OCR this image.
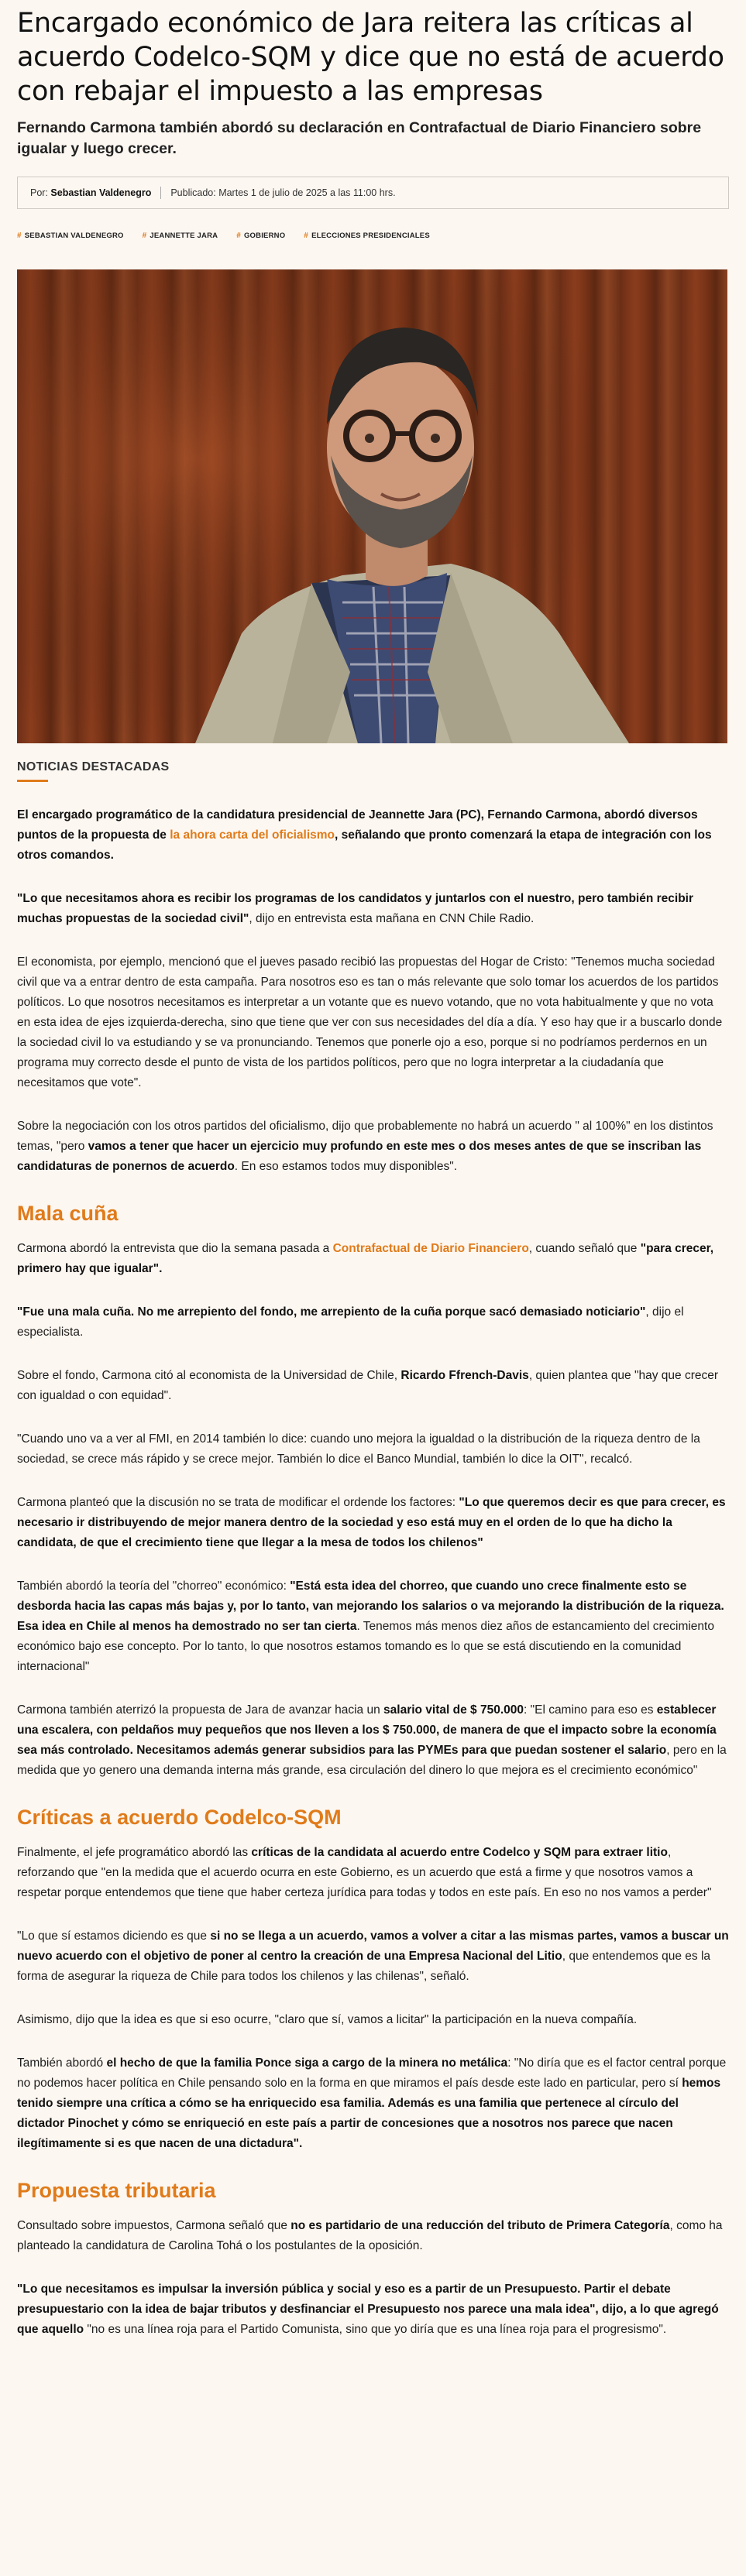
Encargado económico de Jara reitera las críticas al acuerdo Codelco-SQM y dice que no está de acuerdo con rebajar el impuesto a las empresas
Fernando Carmona también abordó su declaración en Contrafactual de Diario Financiero sobre igualar y luego crecer.
Por: Sebastian Valdenegro Publicado: Martes 1 de julio de 2025 a las 11:00 hrs.
# SEBASTIAN VALDENEGRO # JEANNETTE JARA # GOBIERNO # ELECCIONES PRESIDENCIALES
NOTICIAS DESTACADAS

El encargado programático de la candidatura presidencial de Jeannette Jara (PC), Fernando Carmona, abordó diversos puntos de la propuesta de la ahora carta del oficialismo, señalando que pronto comenzará la etapa de integración con los otros comandos.

"Lo que necesitamos ahora es recibir los programas de los candidatos y juntarlos con el nuestro, pero también recibir muchas propuestas de la sociedad civil", dijo en entrevista esta mañana en CNN Chile Radio.

El economista, por ejemplo, mencionó que el jueves pasado recibió las propuestas del Hogar de Cristo: "Tenemos mucha sociedad civil que va a entrar dentro de esta campaña. Para nosotros eso es tan o más relevante que solo tomar los acuerdos de los partidos políticos. Lo que nosotros necesitamos es interpretar a un votante que es nuevo votando, que no vota habitualmente y que no vota en esta idea de ejes izquierda-derecha, sino que tiene que ver con sus necesidades del día a día. Y eso hay que ir a buscarlo donde la sociedad civil lo va estudiando y se va pronunciando. Tenemos que ponerle ojo a eso, porque si no podríamos perdernos en un programa muy correcto desde el punto de vista de los partidos políticos, pero que no logra interpretar a la ciudadanía que necesitamos que vote".

Sobre la negociación con los otros partidos del oficialismo, dijo que probablemente no habrá un acuerdo " al 100%" en los distintos temas, "pero vamos a tener que hacer un ejercicio muy profundo en este mes o dos meses antes de que se inscriban las candidaturas de ponernos de acuerdo. En eso estamos todos muy disponibles".

Mala cuña

Carmona abordó la entrevista que dio la semana pasada a Contrafactual de Diario Financiero, cuando señaló que "para crecer, primero hay que igualar".

"Fue una mala cuña. No me arrepiento del fondo, me arrepiento de la cuña porque sacó demasiado noticiario", dijo el especialista.

Sobre el fondo, Carmona citó al economista de la Universidad de Chile, Ricardo Ffrench-Davis, quien plantea que "hay que crecer con igualdad o con equidad".

"Cuando uno va a ver al FMI, en 2014 también lo dice: cuando uno mejora la igualdad o la distribución de la riqueza dentro de la sociedad, se crece más rápido y se crece mejor. También lo dice el Banco Mundial, también lo dice la OIT", recalcó.

Carmona planteó que la discusión no se trata de modificar el ordende los factores: "Lo que queremos decir es que para crecer, es necesario ir distribuyendo de mejor manera dentro de la sociedad y eso está muy en el orden de lo que ha dicho la candidata, de que el crecimiento tiene que llegar a la mesa de todos los chilenos"

También abordó la teoría del "chorreo" económico: "Está esta idea del chorreo, que cuando uno crece finalmente esto se desborda hacia las capas más bajas y, por lo tanto, van mejorando los salarios o va mejorando la distribución de la riqueza. Esa idea en Chile al menos ha demostrado no ser tan cierta. Tenemos más menos diez años de estancamiento del crecimiento económico bajo ese concepto. Por lo tanto, lo que nosotros estamos tomando es lo que se está discutiendo en la comunidad internacional"

Carmona también aterrizó la propuesta de Jara de avanzar hacia un salario vital de $ 750.000: "El camino para eso es establecer una escalera, con peldaños muy pequeños que nos lleven a los $ 750.000, de manera de que el impacto sobre la economía sea más controlado. Necesitamos además generar subsidios para las PYMEs para que puedan sostener el salario, pero en la medida que yo genero una demanda interna más grande, esa circulación del dinero lo que mejora es el crecimiento económico"

Críticas a acuerdo Codelco-SQM

Finalmente, el jefe programático abordó las críticas de la candidata al acuerdo entre Codelco y SQM para extraer litio, reforzando que "en la medida que el acuerdo ocurra en este Gobierno, es un acuerdo que está a firme y que nosotros vamos a respetar porque entendemos que tiene que haber certeza jurídica para todas y todos en este país. En eso no nos vamos a perder"

"Lo que sí estamos diciendo es que si no se llega a un acuerdo, vamos a volver a citar a las mismas partes, vamos a buscar un nuevo acuerdo con el objetivo de poner al centro la creación de una Empresa Nacional del Litio, que entendemos que es la forma de asegurar la riqueza de Chile para todos los chilenos y las chilenas", señaló.

Asimismo, dijo que la idea es que si eso ocurre, "claro que sí, vamos a licitar" la participación en la nueva compañía.

También abordó el hecho de que la familia Ponce siga a cargo de la minera no metálica: "No diría que es el factor central porque no podemos hacer política en Chile pensando solo en la forma en que miramos el país desde este lado en particular, pero sí hemos tenido siempre una crítica a cómo se ha enriquecido esa familia. Además es una familia que pertenece al círculo del dictador Pinochet y cómo se enriqueció en este país a partir de concesiones que a nosotros nos parece que nacen ilegítimamente si es que nacen de una dictadura".

Propuesta tributaria

Consultado sobre impuestos, Carmona señaló que no es partidario de una reducción del tributo de Primera Categoría, como ha planteado la candidatura de Carolina Tohá o los postulantes de la oposición.

"Lo que necesitamos es impulsar la inversión pública y social y eso es a partir de un Presupuesto. Partir el debate presupuestario con la idea de bajar tributos y desfinanciar el Presupuesto nos parece una mala idea", dijo, a lo que agregó que aquello "no es una línea roja para el Partido Comunista, sino que yo diría que es una línea roja para el progresismo".
